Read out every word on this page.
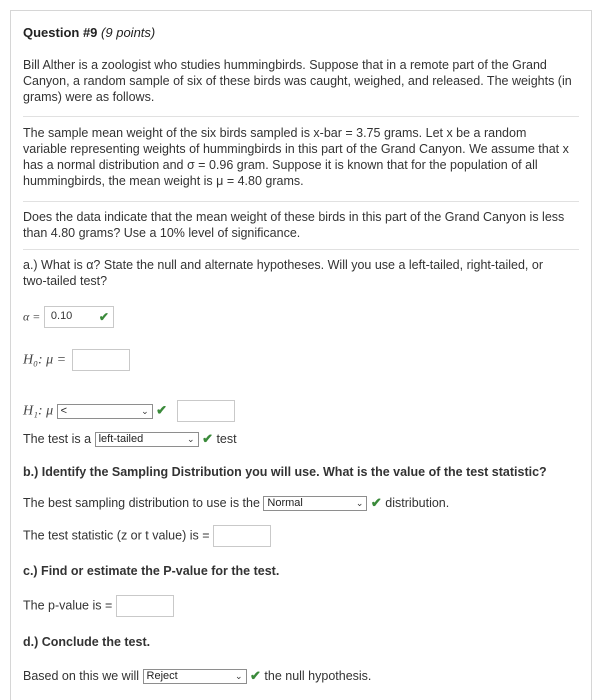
Question #9 (9 points)
Bill Alther is a zoologist who studies hummingbirds. Suppose that in a remote part of the Grand Canyon, a random sample of six of these birds was caught, weighed, and released. The weights (in grams) were as follows.
The sample mean weight of the six birds sampled is x-bar = 3.75 grams. Let x be a random variable representing weights of hummingbirds in this part of the Grand Canyon. We assume that x has a normal distribution and σ = 0.96 gram. Suppose it is known that for the population of all hummingbirds, the mean weight is μ = 4.80 grams.
Does the data indicate that the mean weight of these birds in this part of the Grand Canyon is less than 4.80 grams? Use a 10% level of significance.
a.) What is α? State the null and alternate hypotheses. Will you use a left-tailed, right-tailed, or two-tailed test?
α = 0.10 ✔
H₀: μ =
H₁: μ <	⌄ ✔
The test is a left-tailed	⌄ ✔ test
b.) Identify the Sampling Distribution you will use. What is the value of the test statistic?
The best sampling distribution to use is the Normal	⌄ ✔ distribution.
The test statistic (z or t value) is =
c.) Find or estimate the P-value for the test.
The p-value is =
d.) Conclude the test.
Based on this we will Reject	⌄ ✔ the null hypothesis.
